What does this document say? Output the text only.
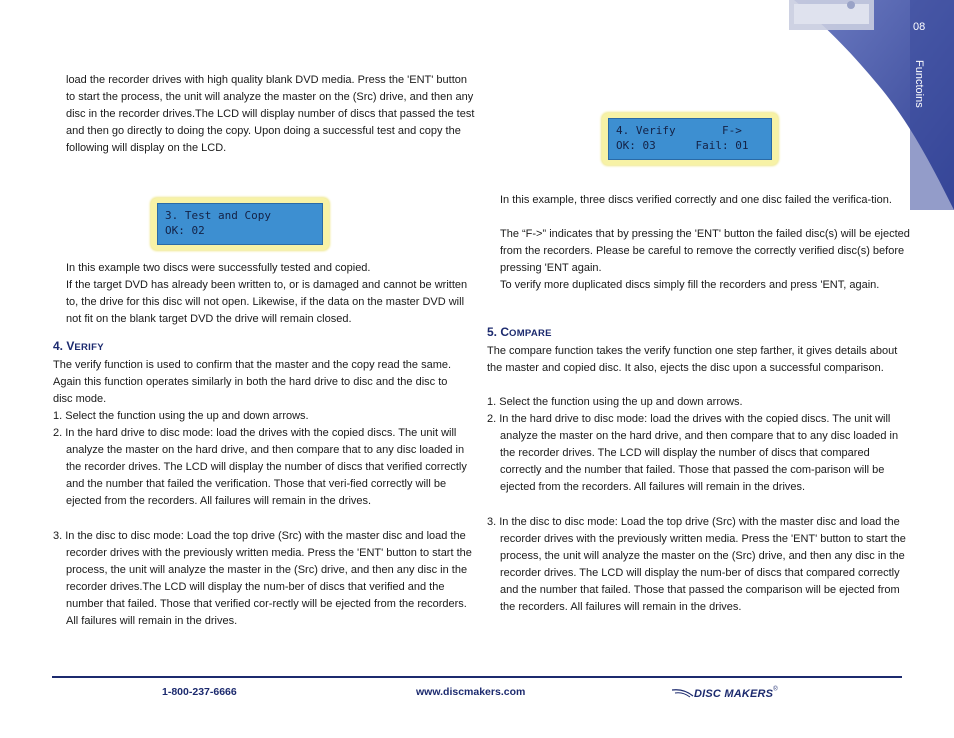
08
Functoins
load the recorder drives with high quality blank DVD media. Press the 'ENT' button to start the process, the unit will analyze the master on the (Src) drive, and then any disc in the recorder drives.The LCD will display number of discs that passed the test and then go directly to doing the copy. Upon doing a successful test and copy the following will display on the LCD.
3. Test and Copy
OK: 02
In this example two discs were successfully tested and copied.
If the target DVD has already been written to, or is damaged and cannot be written to, the drive for this disc will not open. Likewise, if the data on the master DVD will not fit on the blank target DVD the drive will remain closed.
4. VERIFY
The verify function is used to confirm that the master and the copy read the same. Again this function operates similarly in both the hard drive to disc and the disc to disc mode.
1. Select the function using the up and down arrows.
2. In the hard drive to disc mode: load the drives with the copied discs. The unit will analyze the master on the hard drive, and then compare that to any disc loaded in the recorder drives. The LCD will display the number of discs that verified correctly and the number that failed the verification. Those that veri-fied correctly will be ejected from the recorders. All failures will remain in the drives.
3. In the disc to disc mode: Load the top drive (Src) with the master disc and load the recorder drives with the previously written media. Press the 'ENT' button to start the process, the unit will analyze the master in the (Src) drive, and then any disc in the recorder drives.The LCD will display the num-ber of discs that verified and the number that failed. Those that verified cor-rectly will be ejected from the recorders. All failures will remain in the drives.
4. Verify       F->
OK: 03      Fail: 01
In this example, three discs verified correctly and one disc failed the verifica-tion.
The “F->” indicates that by pressing the 'ENT' button the failed disc(s) will be ejected from the recorders. Please be careful to remove the correctly verified disc(s) before pressing 'ENT again.
To verify more duplicated discs simply fill the recorders and press 'ENT, again.
5. COMPARE
The compare function takes the verify function one step farther, it gives details about the master and copied disc. It also, ejects the disc upon a successful comparison.
1. Select the function using the up and down arrows.
2. In the hard drive to disc mode: load the drives with the copied discs. The unit will analyze the master on the hard drive, and then compare that to any disc loaded in the recorder drives. The LCD will display the number of discs that compared correctly and the number that failed. Those that passed the com-parison will be ejected from the recorders. All failures will remain in the drives.
3. In the disc to disc mode: Load the top drive (Src) with the master disc and load the recorder drives with the previously written media. Press the 'ENT' button to start the process, the unit will analyze the master on the (Src) drive, and then any disc in the recorder drives. The LCD will display the num-ber of discs that compared correctly and the number that failed. Those that passed the comparison will be ejected from the recorders. All failures will remain in the drives.
1-800-237-6666	www.discmakers.com	DISC MAKERS®
